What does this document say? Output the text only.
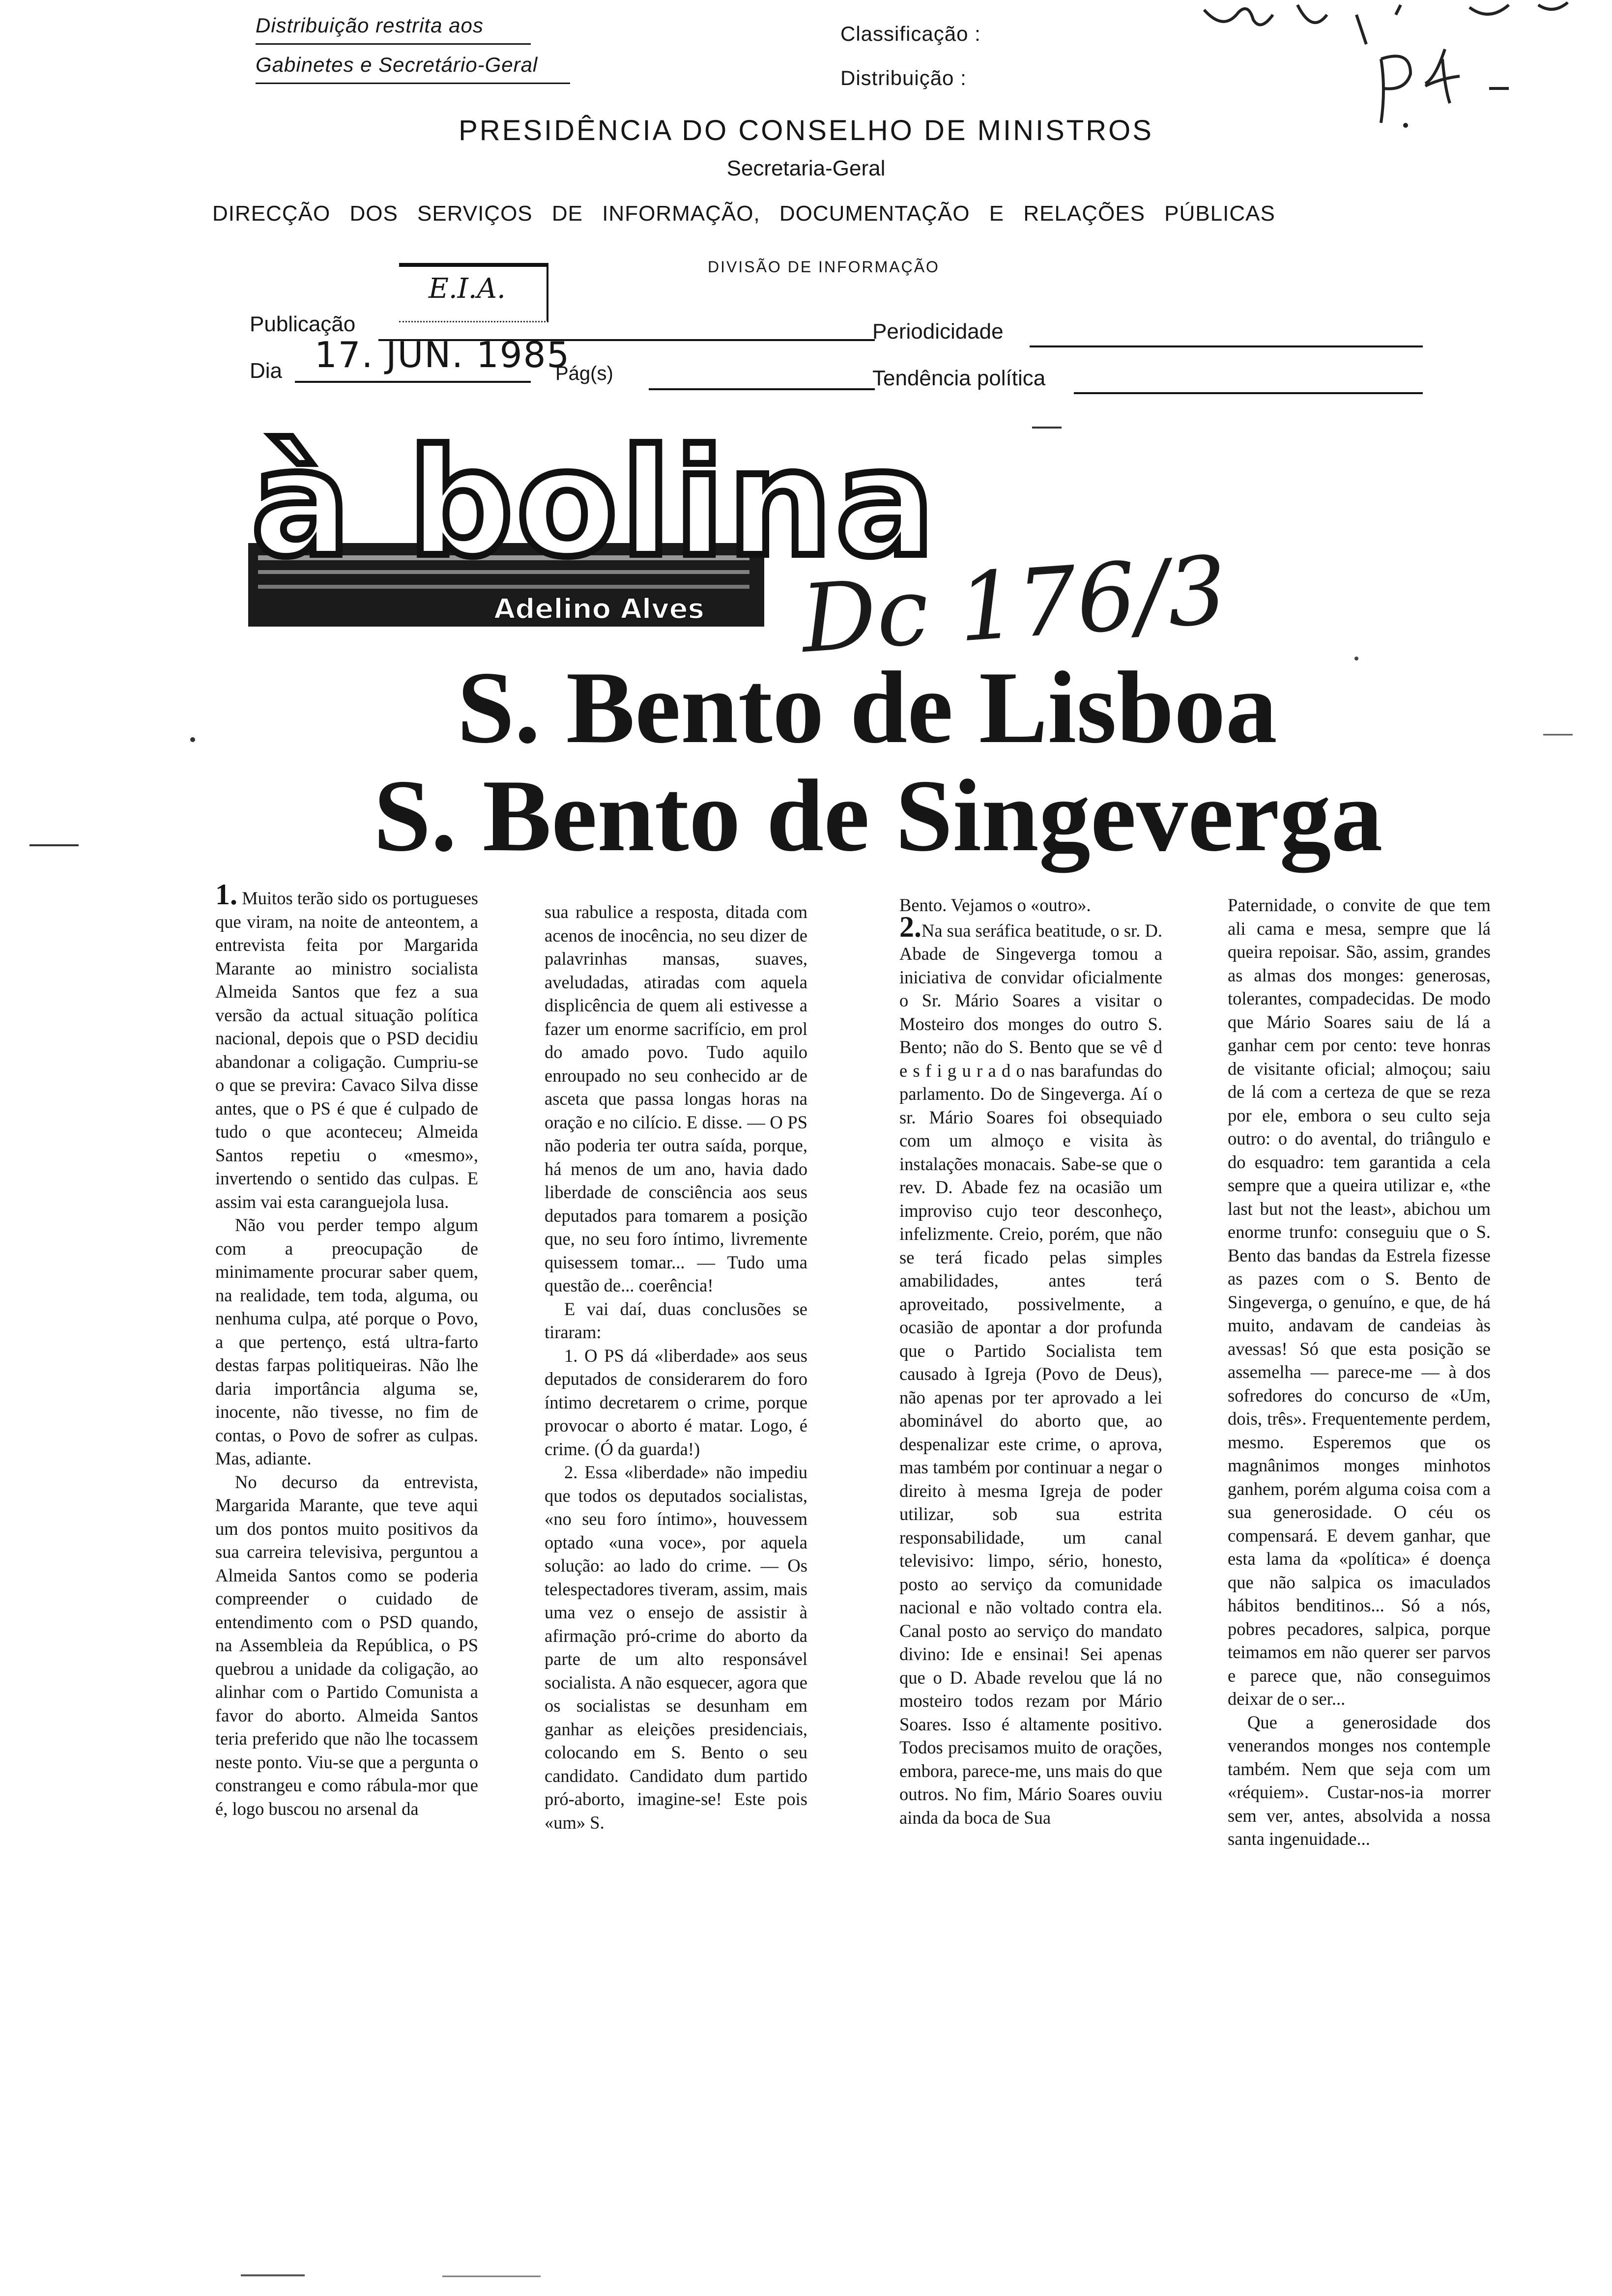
Distribuição restrita aos
Gabinetes e Secretário-Geral
Classificação :
Distribuição :
PRESIDÊNCIA DO CONSELHO DE MINISTROS
Secretaria-Geral
DIRECÇÃO DOS SERVIÇOS DE INFORMAÇÃO, DOCUMENTAÇÃO E RELAÇÕES PÚBLICAS
DIVISÃO DE INFORMAÇÃO
E.I.A.
Publicação	Periodicidade
Dia 17. JUN. 1985
Pág(s)	Tendência política
à bolina
Adelino Alves Dc 176/3
S. Bento de Lisboa
S. Bento de Singeverga

1. Muitos terão sido os portugueses que viram, na noite de anteontem, a entrevista feita por Margarida Marante ao ministro socialista Almeida Santos que fez a sua versão da actual situação política nacional, depois que o PSD decidiu abandonar a coligação. Cumpriu-se o que se previra: Cavaco Silva disse antes, que o PS é que é culpado de tudo o que aconteceu; Almeida Santos repetiu o «mesmo», invertendo o sentido das culpas. E assim vai esta caranguejola lusa.

Não vou perder tempo algum com a preocupação de minimamente procurar saber quem, na realidade, tem toda, alguma, ou nenhuma culpa, até porque o Povo, a que pertenço, está ultra-farto destas farpas politiqueiras. Não lhe daria importância alguma se, inocente, não tivesse, no fim de contas, o Povo de sofrer as culpas. Mas, adiante.

No decurso da entrevista, Margarida Marante, que teve aqui um dos pontos muito positivos da sua carreira televisiva, perguntou a Almeida Santos como se poderia compreender o cuidado de entendimento com o PSD quando, na Assembleia da República, o PS quebrou a unidade da coligação, ao alinhar com o Partido Comunista a favor do aborto. Almeida Santos teria preferido que não lhe tocassem neste ponto. Viu-se que a pergunta o constrangeu e como rábula-mor que é, logo buscou no arsenal da

sua rabulice a resposta, ditada com acenos de inocência, no seu dizer de palavrinhas mansas, suaves, aveludadas, atiradas com aquela displicência de quem ali estivesse a fazer um enorme sacrifício, em prol do amado povo. Tudo aquilo enroupado no seu conhecido ar de asceta que passa longas horas na oração e no cilício. E disse. — O PS não poderia ter outra saída, porque, há menos de um ano, havia dado liberdade de consciência aos seus deputados para tomarem a posição que, no seu foro íntimo, livremente quisessem tomar... — Tudo uma questão de... coerência!

E vai daí, duas conclusões se tiraram:

1. O PS dá «liberdade» aos seus deputados de considerarem do foro íntimo decretarem o crime, porque provocar o aborto é matar. Logo, é crime. (Ó da guarda!)

2. Essa «liberdade» não impediu que todos os deputados socialistas, «no seu foro íntimo», houvessem optado «una voce», por aquela solução: ao lado do crime. — Os telespectadores tiveram, assim, mais uma vez o ensejo de assistir à afirmação pró-crime do aborto da parte de um alto responsável socialista. A não esquecer, agora que os socialistas se desunham em ganhar as eleições presidenciais, colocando em S. Bento o seu candidato. Candidato dum partido pró-aborto, imagine-se! Este pois «um» S.

Bento. Vejamos o «outro».

2.Na sua seráfica beatitude, o sr. D. Abade de Singeverga tomou a iniciativa de convidar oficialmente o Sr. Mário Soares a visitar o Mosteiro dos monges do outro S. Bento; não do S. Bento que se vê d e s f i g u r a d o nas barafundas do parlamento. Do de Singeverga. Aí o sr. Mário Soares foi obsequiado com um almoço e visita às instalações monacais. Sabe-se que o rev. D. Abade fez na ocasião um improviso cujo teor desconheço, infelizmente. Creio, porém, que não se terá ficado pelas simples amabilidades, antes terá aproveitado, possivelmente, a ocasião de apontar a dor profunda que o Partido Socialista tem causado à Igreja (Povo de Deus), não apenas por ter aprovado a lei abominável do aborto que, ao despenalizar este crime, o aprova, mas também por continuar a negar o direito à mesma Igreja de poder utilizar, sob sua estrita responsabilidade, um canal televisivo: limpo, sério, honesto, posto ao serviço da comunidade nacional e não voltado contra ela. Canal posto ao serviço do mandato divino: Ide e ensinai! Sei apenas que o D. Abade revelou que lá no mosteiro todos rezam por Mário Soares. Isso é altamente positivo. Todos precisamos muito de orações, embora, parece-me, uns mais do que outros. No fim, Mário Soares ouviu ainda da boca de Sua

Paternidade, o convite de que tem ali cama e mesa, sempre que lá queira repoisar. São, assim, grandes as almas dos monges: generosas, tolerantes, compadecidas. De modo que Mário Soares saiu de lá a ganhar cem por cento: teve honras de visitante oficial; almoçou; saiu de lá com a certeza de que se reza por ele, embora o seu culto seja outro: o do avental, do triângulo e do esquadro: tem garantida a cela sempre que a queira utilizar e, «the last but not the least», abichou um enorme trunfo: conseguiu que o S. Bento das bandas da Estrela fizesse as pazes com o S. Bento de Singeverga, o genuíno, e que, de há muito, andavam de candeias às avessas! Só que esta posição se assemelha — parece-me — à dos sofredores do concurso de «Um, dois, três». Frequentemente perdem, mesmo. Esperemos que os magnânimos monges minhotos ganhem, porém alguma coisa com a sua generosidade. O céu os compensará. E devem ganhar, que esta lama da «política» é doença que não salpica os imaculados hábitos benditinos... Só a nós, pobres pecadores, salpica, porque teimamos em não querer ser parvos e parece que, não conseguimos deixar de o ser...

Que a generosidade dos venerandos monges nos contemple também. Nem que seja com um «réquiem». Custar-nos-ia morrer sem ver, antes, absolvida a nossa santa ingenuidade...
